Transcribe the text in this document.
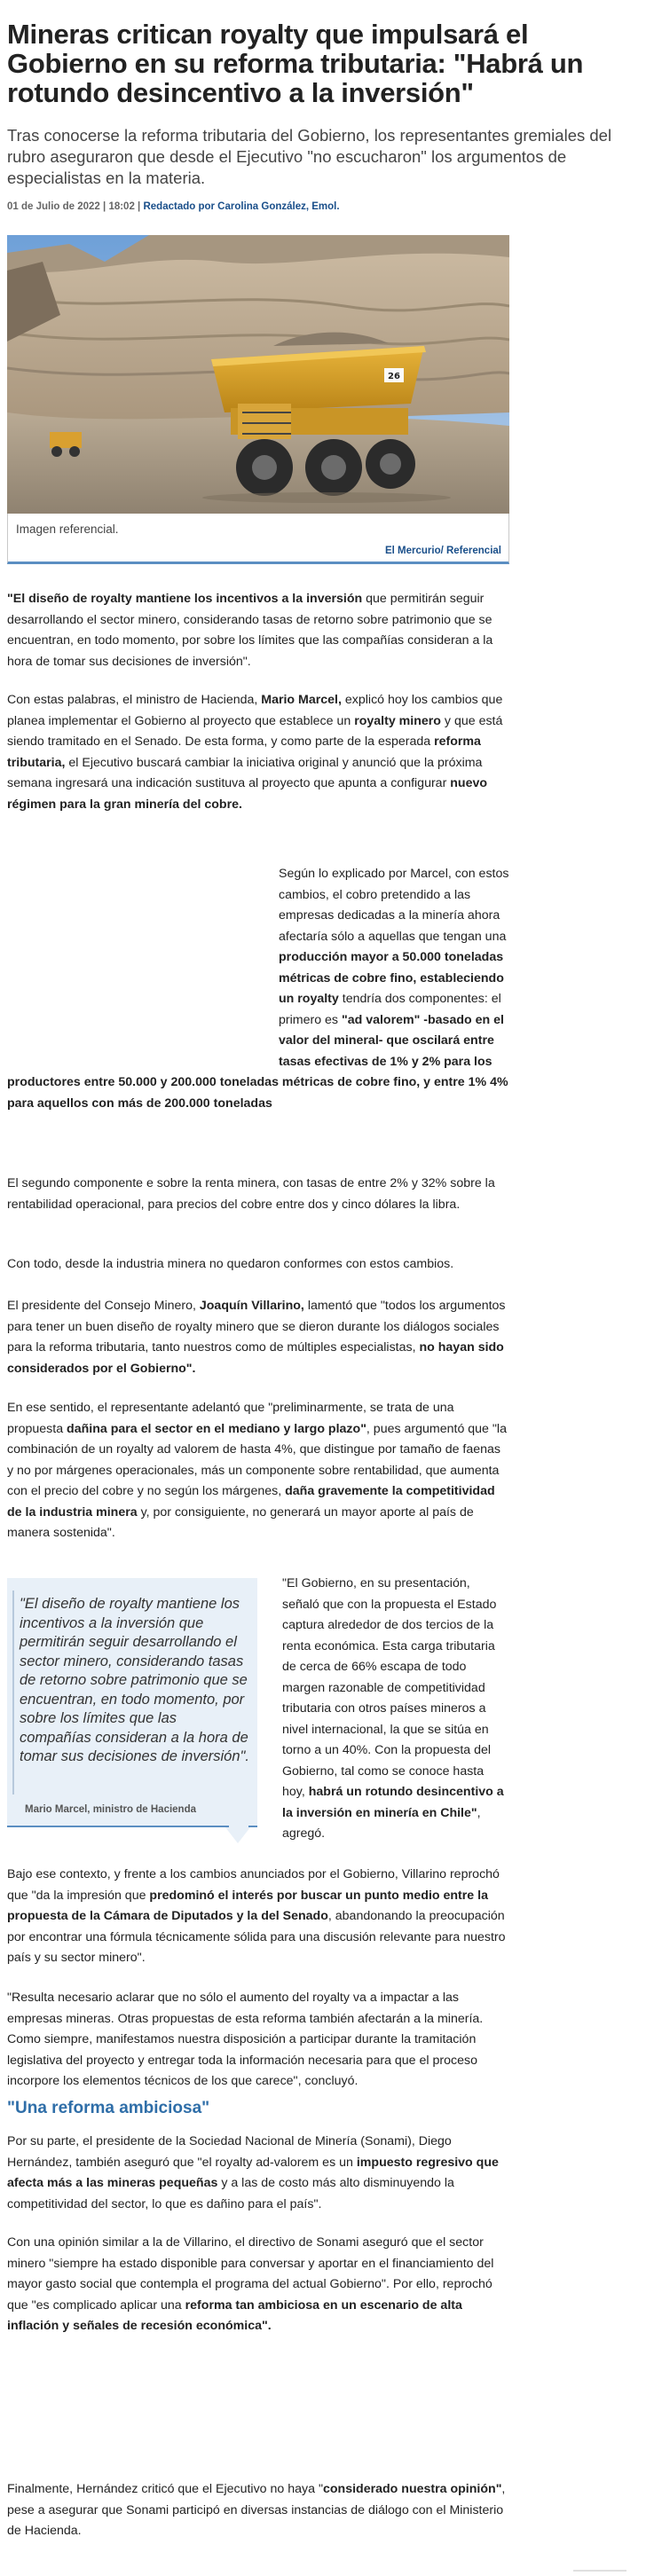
Mineras critican royalty que impulsará el Gobierno en su reforma tributaria: "Habrá un rotundo desincentivo a la inversión"

Tras conocerse la reforma tributaria del Gobierno, los representantes gremiales del rubro aseguraron que desde el Ejecutivo "no escucharon" los argumentos de especialistas en la materia.

01 de Julio de 2022 | 18:02 | Redactado por Carolina González, Emol.

26
Imagen referencial.
El Mercurio/ Referencial

"El diseño de royalty mantiene los incentivos a la inversión que permitirán seguir desarrollando el sector minero, considerando tasas de retorno sobre patrimonio que se encuentran, en todo momento, por sobre los límites que las compañías consideran a la hora de tomar sus decisiones de inversión".

Con estas palabras, el ministro de Hacienda, Mario Marcel, explicó hoy los cambios que planea implementar el Gobierno al proyecto que establece un royalty minero y que está siendo tramitado en el Senado. De esta forma, y como parte de la esperada reforma tributaria, el Ejecutivo buscará cambiar la iniciativa original y anunció que la próxima semana ingresará una indicación sustituva al proyecto que apunta a configurar nuevo régimen para la gran minería del cobre.

Según lo explicado por Marcel, con estos cambios, el cobro pretendido a las empresas dedicadas a la minería ahora afectaría sólo a aquellas que tengan una producción mayor a 50.000 toneladas métricas de cobre fino, estableciendo un royalty tendría dos componentes: el primero es "ad valorem" -basado en el valor del mineral- que oscilará entre tasas efectivas de 1% y 2% para los productores entre 50.000 y 200.000 toneladas métricas de cobre fino, y entre 1% 4% para aquellos con más de 200.000 toneladas

El segundo componente e sobre la renta minera, con tasas de entre 2% y 32% sobre la rentabilidad operacional, para precios del cobre entre dos y cinco dólares la libra.

Con todo, desde la industria minera no quedaron conformes con estos cambios.

El presidente del Consejo Minero, Joaquín Villarino, lamentó que "todos los argumentos para tener un buen diseño de royalty minero que se dieron durante los diálogos sociales para la reforma tributaria, tanto nuestros como de múltiples especialistas, no hayan sido considerados por el Gobierno".

En ese sentido, el representante adelantó que "preliminarmente, se trata de una propuesta dañina para el sector en el mediano y largo plazo", pues argumentó que "la combinación de un royalty ad valorem de hasta 4%, que distingue por tamaño de faenas y no por márgenes operacionales, más un componente sobre rentabilidad, que aumenta con el precio del cobre y no según los márgenes, daña gravemente la competitividad de la industria minera y, por consiguiente, no generará un mayor aporte al país de manera sostenida".

"El diseño de royalty mantiene los incentivos a la inversión que permitirán seguir desarrollando el sector minero, considerando tasas de retorno sobre patrimonio que se encuentran, en todo momento, por sobre los límites que las compañías consideran a la hora de tomar sus decisiones de inversión".
Mario Marcel, ministro de Hacienda

"El Gobierno, en su presentación, señaló que con la propuesta el Estado captura alrededor de dos tercios de la renta económica. Esta carga tributaria de cerca de 66% escapa de todo margen razonable de competitividad tributaria con otros países mineros a nivel internacional, la que se sitúa en torno a un 40%. Con la propuesta del Gobierno, tal como se conoce hasta hoy, habrá un rotundo desincentivo a la inversión en minería en Chile", agregó.

Bajo ese contexto, y frente a los cambios anunciados por el Gobierno, Villarino reprochó que "da la impresión que predominó el interés por buscar un punto medio entre la propuesta de la Cámara de Diputados y la del Senado, abandonando la preocupación por encontrar una fórmula técnicamente sólida para una discusión relevante para nuestro país y su sector minero".

"Resulta necesario aclarar que no sólo el aumento del royalty va a impactar a las empresas mineras. Otras propuestas de esta reforma también afectarán a la minería. Como siempre, manifestamos nuestra disposición a participar durante la tramitación legislativa del proyecto y entregar toda la información necesaria para que el proceso incorpore los elementos técnicos de los que carece", concluyó.

"Una reforma ambiciosa"

Por su parte, el presidente de la Sociedad Nacional de Minería (Sonami), Diego Hernández, también aseguró que "el royalty ad-valorem es un impuesto regresivo que afecta más a las mineras pequeñas y a las de costo más alto disminuyendo la competitividad del sector, lo que es dañino para el país".

Con una opinión similar a la de Villarino, el directivo de Sonami aseguró que el sector minero "siempre ha estado disponible para conversar y aportar en el financiamiento del mayor gasto social que contempla el programa del actual Gobierno". Por ello, reprochó que "es complicado aplicar una reforma tan ambiciosa en un escenario de alta inflación y señales de recesión económica".

Finalmente, Hernández criticó que el Ejecutivo no haya "considerado nuestra opinión", pese a asegurar que Sonami participó en diversas instancias de diálogo con el Ministerio de Hacienda.
